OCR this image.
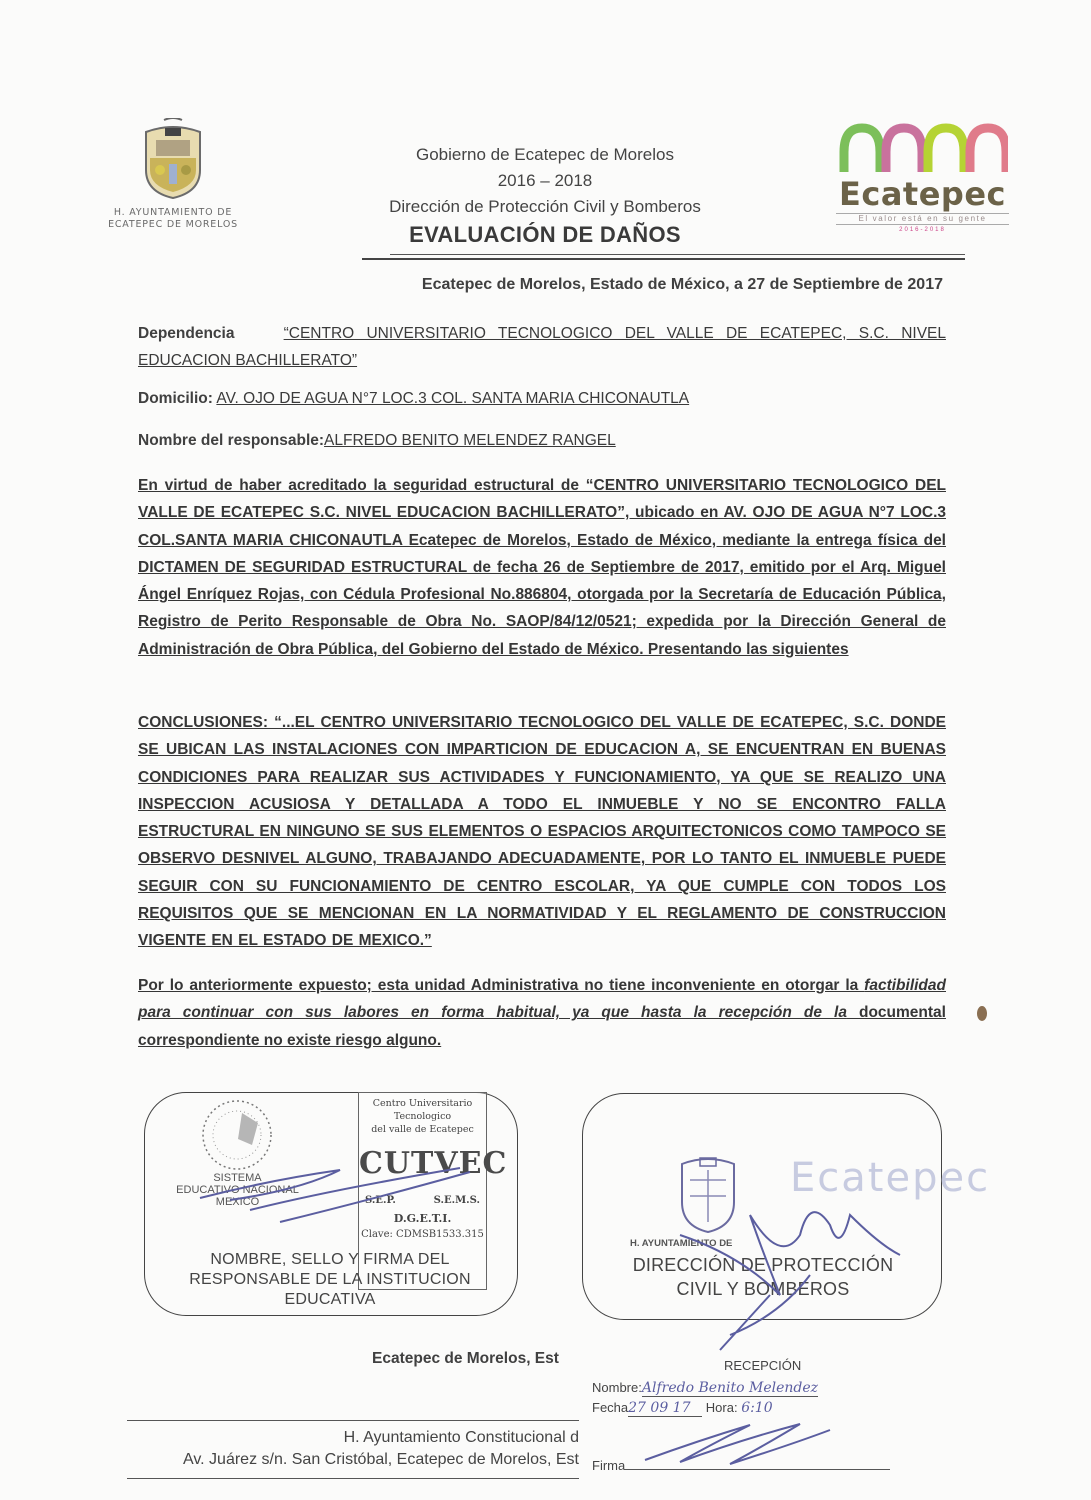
H. AYUNTAMIENTO DE
ECATEPEC DE MORELOS
Gobierno de Ecatepec de Morelos
2016 – 2018
Dirección de Protección Civil y Bomberos
EVALUACIÓN DE DAÑOS
Ecatepec
El valor está en su gente
2016-2018
Ecatepec de Morelos, Estado de México, a 27 de Septiembre de 2017
Dependencia	“CENTRO UNIVERSITARIO TECNOLOGICO DEL VALLE DE ECATEPEC, S.C. NIVEL EDUCACION BACHILLERATO”
Domicilio: AV. OJO DE AGUA N°7 LOC.3 COL. SANTA MARIA CHICONAUTLA
Nombre del responsable:ALFREDO BENITO MELENDEZ RANGEL
En virtud de haber acreditado la seguridad estructural de “CENTRO UNIVERSITARIO TECNOLOGICO DEL VALLE DE ECATEPEC S.C. NIVEL EDUCACION BACHILLERATO”, ubicado en AV. OJO DE AGUA N°7 LOC.3 COL.SANTA MARIA CHICONAUTLA Ecatepec de Morelos, Estado de México, mediante la entrega física del DICTAMEN DE SEGURIDAD ESTRUCTURAL de fecha 26 de Septiembre de 2017, emitido por el Arq. Miguel Ángel Enríquez Rojas, con Cédula Profesional No.886804, otorgada por la Secretaría de Educación Pública, Registro de Perito Responsable de Obra No. SAOP/84/12/0521; expedida por la Dirección General de Administración de Obra Pública, del Gobierno del Estado de México. Presentando las siguientes
CONCLUSIONES: “...EL CENTRO UNIVERSITARIO TECNOLOGICO DEL VALLE DE ECATEPEC, S.C. DONDE SE UBICAN LAS INSTALACIONES CON IMPARTICION DE EDUCACION A, SE ENCUENTRAN EN BUENAS CONDICIONES PARA REALIZAR SUS ACTIVIDADES Y FUNCIONAMIENTO, YA QUE SE REALIZO UNA INSPECCION ACUSIOSA Y DETALLADA A TODO EL INMUEBLE Y NO SE ENCONTRO FALLA ESTRUCTURAL EN NINGUNO SE SUS ELEMENTOS O ESPACIOS ARQUITECTONICOS COMO TAMPOCO SE OBSERVO DESNIVEL ALGUNO, TRABAJANDO ADECUADAMENTE, POR LO TANTO EL INMUEBLE PUEDE SEGUIR CON SU FUNCIONAMIENTO DE CENTRO ESCOLAR, YA QUE CUMPLE CON TODOS LOS REQUISITOS QUE SE MENCIONAN EN LA NORMATIVIDAD Y EL REGLAMENTO DE CONSTRUCCION VIGENTE EN EL ESTADO DE MEXICO.”
Por lo anteriormente expuesto; esta unidad Administrativa no tiene inconveniente en otorgar la factibilidad para continuar con sus labores en forma habitual, ya que hasta la recepción de la documental correspondiente no existe riesgo alguno.
SISTEMA
EDUCATIVO NACIONAL
MEXICO
Centro Universitario
Tecnologico
del valle de Ecatepec
CUTVEC
S.E.P.	S.E.M.S.
D.G.E.T.I.
Clave: CDMSB1533.315
NOMBRE, SELLO Y FIRMA DEL RESPONSABLE DE LA INSTITUCION EDUCATIVA
H. AYUNTAMIENTO DE
Ecatepec
DIRECCIÓN DE PROTECCIÓN
CIVIL Y BOMBEROS
Ecatepec de Morelos, Est
H. Ayuntamiento Constitucional d
Av. Juárez s/n. San Cristóbal, Ecatepec de Morelos, Est
RECEPCIÓN
Nombre:Alfredo Benito Melendez
Fecha27 09 17 Hora: 6:10
Firma
